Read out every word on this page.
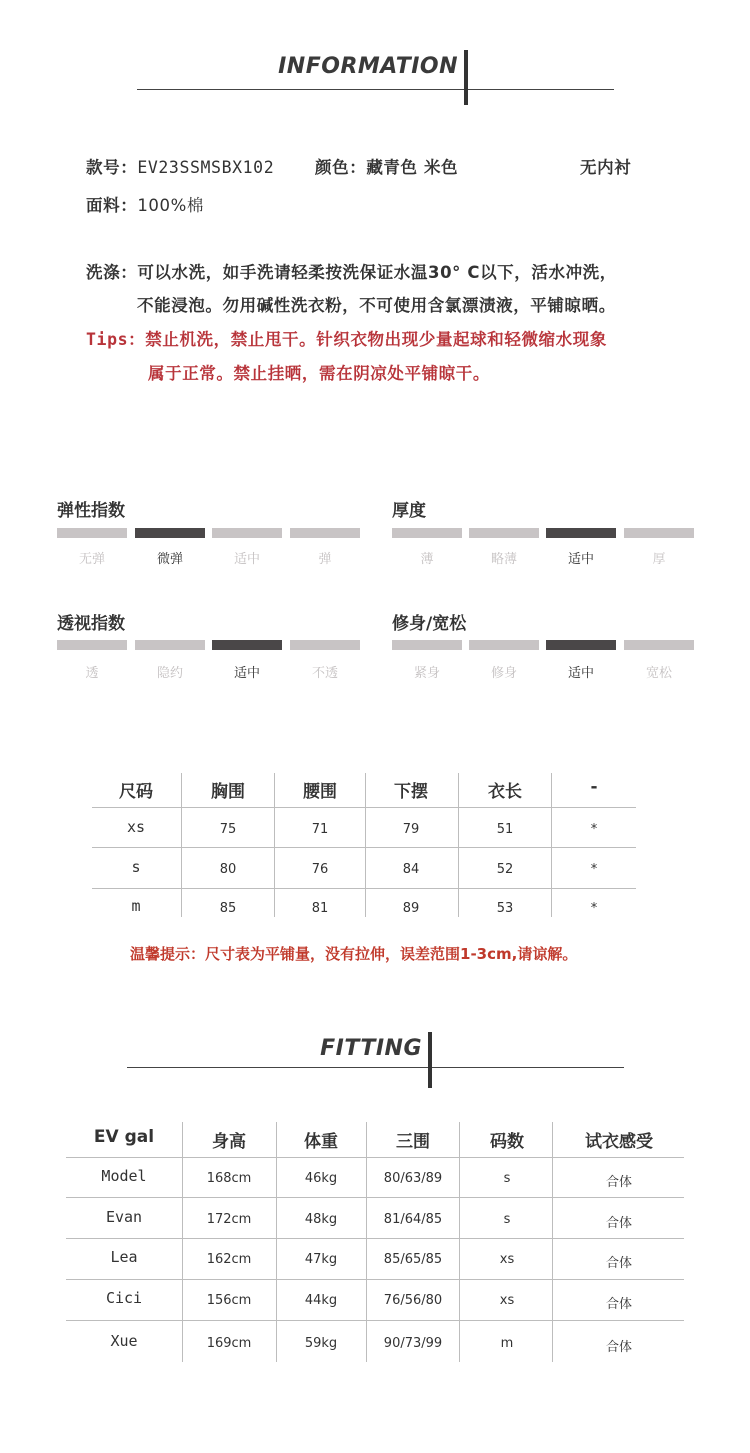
INFORMATION
款号：EV23SSMSBX102 颜色：藏青色 米色	无内衬
面料：100%棉
洗涤：可以水洗，如手洗请轻柔按洗保证水温30° C以下，活水冲洗，
不能浸泡。勿用碱性洗衣粉，不可使用含氯漂渍液，平铺晾晒。
Tips：禁止机洗，禁止甩干。针织衣物出现少量起球和轻微缩水现象
属于正常。禁止挂晒，需在阴凉处平铺晾干。
弹性指数
无弹	微弹	适中	弹
厚度
薄	略薄	适中	厚
透视指数
透	隐约	适中	不透
修身/宽松
紧身	修身	适中	宽松
尺码	胸围	腰围	下摆	衣长	-
xs	75	71	79	51	*
s	80	76	84	52	*
m	85	81	89	53	*
温馨提示：尺寸表为平铺量，没有拉伸，误差范围1-3cm,请谅解。
FITTING
EV gal	身高	体重	三围	码数	试衣感受
Model	168cm	46kg	80/63/89	s	合体
Evan	172cm	48kg	81/64/85	s	合体
Lea	162cm	47kg	85/65/85	xs	合体
Cici	156cm	44kg	76/56/80	xs	合体
Xue	169cm	59kg	90/73/99	m	合体
